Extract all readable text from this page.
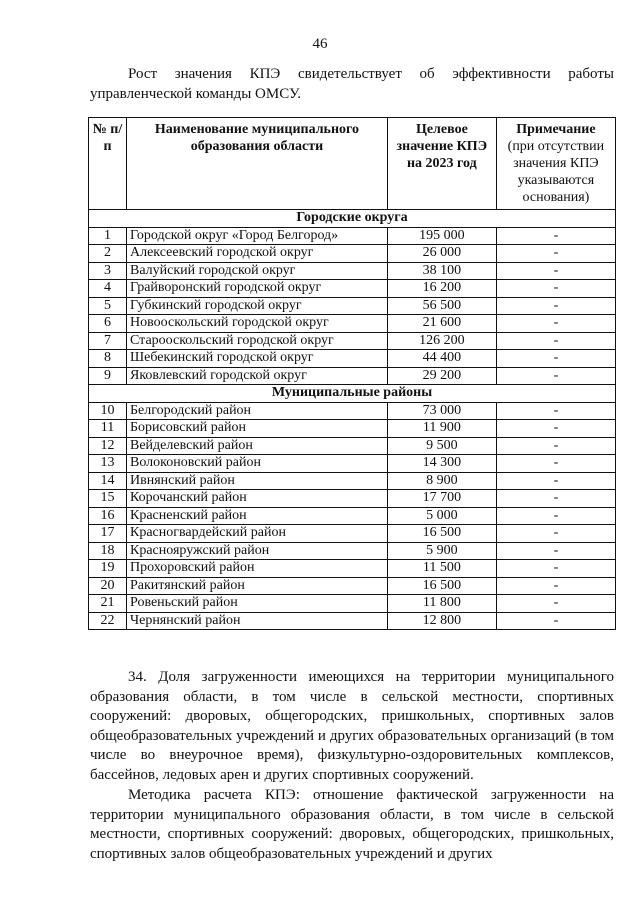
46

Рост значения КПЭ свидетельствует об эффективности работы управленческой команды ОМСУ.

№ п/п	Наименование муниципального образования области	Целевое значение КПЭ на 2023 год	Примечание
(при отсутствии значения КПЭ указываются основания)

Городские округа			
1	Городской округ «Город Белгород»	195 000	-
2	Алексеевский городской округ	26 000	-
3	Валуйский городской округ	38 100	-
4	Грайворонский городской округ	16 200	-
5	Губкинский городской округ	56 500	-
6	Новооскольский городской округ	21 600	-
7	Старооскольский городской округ	126 200	-
8	Шебекинский городской округ	44 400	-
9	Яковлевский городской округ	29 200	-
Муниципальные районы			
10	Белгородский район	73 000	-
11	Борисовский район	11 900	-
12	Вейделевский район	9 500	-
13	Волоконовский район	14 300	-
14	Ивнянский район	8 900	-
15	Корочанский район	17 700	-
16	Красненский район	5 000	-
17	Красногвардейский район	16 500	-
18	Краснояружский район	5 900	-
19	Прохоровский район	11 500	-
20	Ракитянский район	16 500	-
21	Ровеньский район	11 800	-
22	Чернянский район	12 800	-

34. Доля загруженности имеющихся на территории муниципального образования области, в том числе в сельской местности, спортивных сооружений: дворовых, общегородских, пришкольных, спортивных залов общеобразовательных учреждений и других образовательных организаций (в том числе во внеурочное время), физкультурно-оздоровительных комплексов, бассейнов, ледовых арен и других спортивных сооружений.

Методика расчета КПЭ: отношение фактической загруженности на территории муниципального образования области, в том числе в сельской местности, спортивных сооружений: дворовых, общегородских, пришкольных, спортивных залов общеобразовательных учреждений и других
